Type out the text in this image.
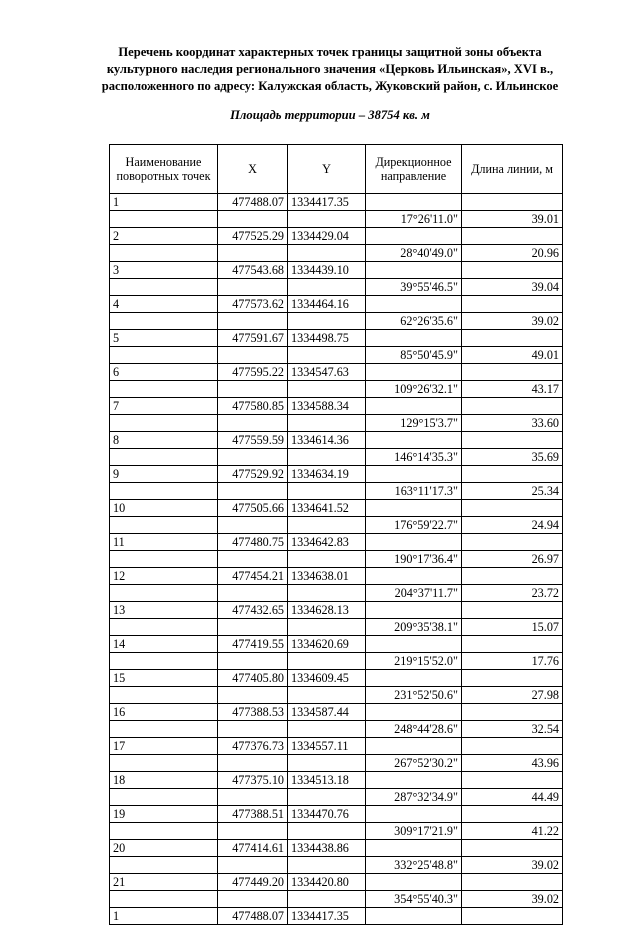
Перечень координат характерных точек границы защитной зоны объекта
культурного наследия регионального значения «Церковь Ильинская», XVI в.,
расположенного по адресу: Калужская область, Жуковский район, с. Ильинское
Площадь территории – 38754 кв. м
Наименование поворотных точек	X	Y	Дирекционное направление	Длина линии, м
1	477488.07	1334417.35		
			17°26'11.0"	39.01
2	477525.29	1334429.04		
			28°40'49.0"	20.96
3	477543.68	1334439.10		
			39°55'46.5"	39.04
4	477573.62	1334464.16		
			62°26'35.6"	39.02
5	477591.67	1334498.75		
			85°50'45.9"	49.01
6	477595.22	1334547.63		
			109°26'32.1"	43.17
7	477580.85	1334588.34		
			129°15'3.7"	33.60
8	477559.59	1334614.36		
			146°14'35.3"	35.69
9	477529.92	1334634.19		
			163°11'17.3"	25.34
10	477505.66	1334641.52		
			176°59'22.7"	24.94
11	477480.75	1334642.83		
			190°17'36.4"	26.97
12	477454.21	1334638.01		
			204°37'11.7"	23.72
13	477432.65	1334628.13		
			209°35'38.1"	15.07
14	477419.55	1334620.69		
			219°15'52.0"	17.76
15	477405.80	1334609.45		
			231°52'50.6"	27.98
16	477388.53	1334587.44		
			248°44'28.6"	32.54
17	477376.73	1334557.11		
			267°52'30.2"	43.96
18	477375.10	1334513.18		
			287°32'34.9"	44.49
19	477388.51	1334470.76		
			309°17'21.9"	41.22
20	477414.61	1334438.86		
			332°25'48.8"	39.02
21	477449.20	1334420.80		
			354°55'40.3"	39.02
1	477488.07	1334417.35		
